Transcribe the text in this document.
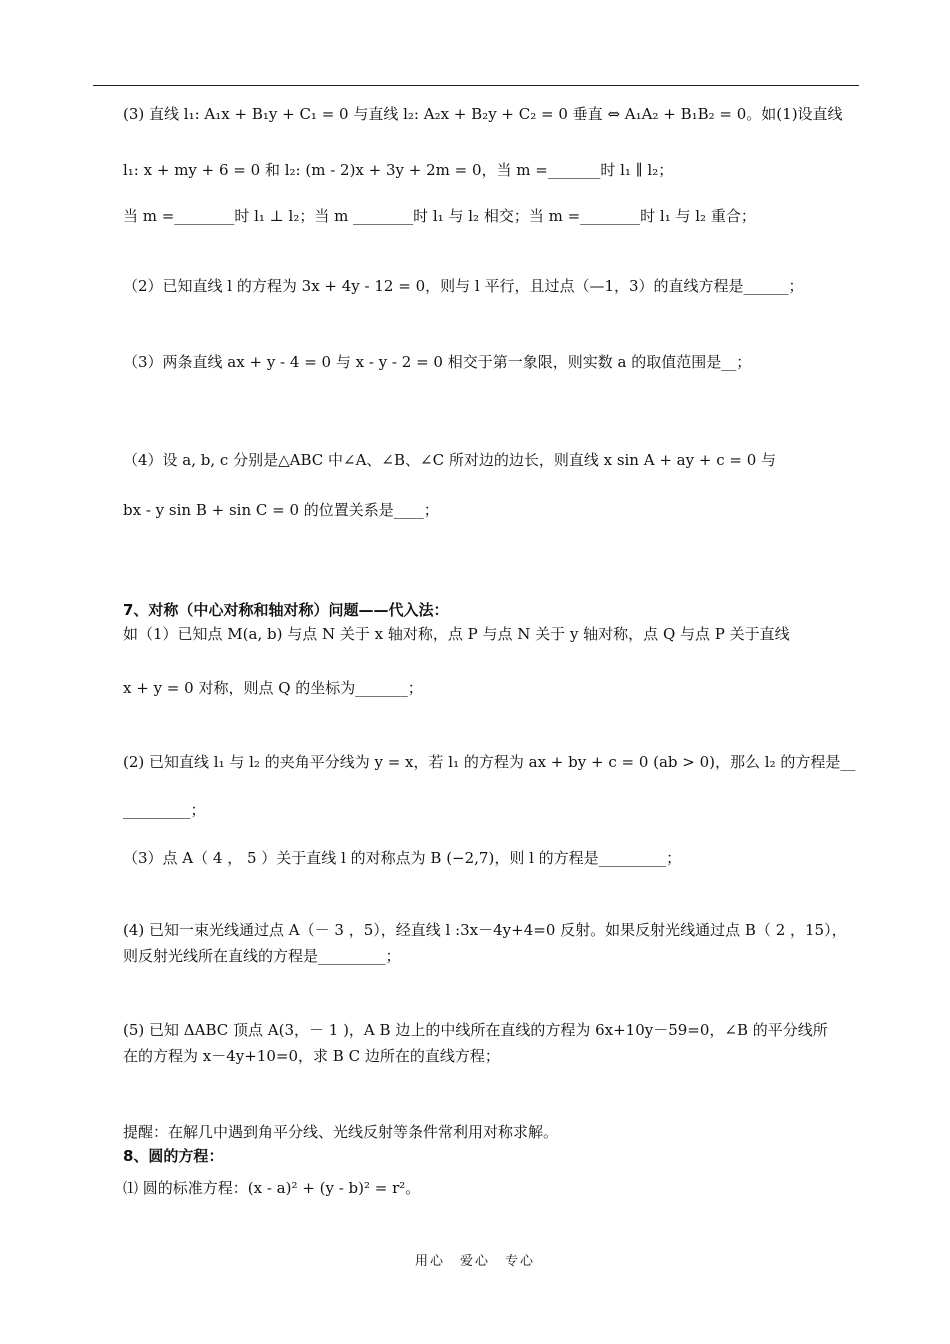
(3) 直线 l₁: A₁x + B₁y + C₁ = 0 与直线 l₂: A₂x + B₂y + C₂ = 0 垂直 ⇔ A₁A₂ + B₁B₂ = 0。如(1)设直线
l₁: x + my + 6 = 0 和 l₂: (m - 2)x + 3y + 2m = 0，当 m =_______时 l₁ ∥ l₂；
当 m =________时 l₁ ⊥ l₂；当 m ________时 l₁ 与 l₂ 相交；当 m =________时 l₁ 与 l₂ 重合；
（2）已知直线 l 的方程为 3x + 4y - 12 = 0，则与 l 平行，且过点（—1，3）的直线方程是______；
（3）两条直线 ax + y - 4 = 0 与 x - y - 2 = 0 相交于第一象限，则实数 a 的取值范围是__；
（4）设 a, b, c 分别是△ABC 中∠A、∠B、∠C 所对边的边长，则直线 x sin A + ay + c = 0 与
bx - y sin B + sin C = 0 的位置关系是____；
7、对称（中心对称和轴对称）问题——代入法：
如（1）已知点 M(a, b) 与点 N 关于 x 轴对称，点 P 与点 N 关于 y 轴对称，点 Q 与点 P 关于直线
x + y = 0 对称，则点 Q 的坐标为_______；
(2) 已知直线 l₁ 与 l₂ 的夹角平分线为 y = x，若 l₁ 的方程为 ax + by + c = 0 (ab > 0)，那么 l₂ 的方程是__
_________；
（3）点 A（ 4 ， 5 ）关于直线 l 的对称点为 B (−2,7)，则 l 的方程是_________；
(4) 已知一束光线通过点 A（－ 3 ，5），经直线 l :3x－4y+4=0 反射。如果反射光线通过点 B（ 2 ，15），
则反射光线所在直线的方程是_________；
(5) 已知 ΔABC 顶点 A(3，－ 1 )，A B 边上的中线所在直线的方程为 6x+10y－59=0，∠B 的平分线所
在的方程为 x－4y+10=0，求 B C 边所在的直线方程；
提醒：在解几中遇到角平分线、光线反射等条件常利用对称求解。
8、圆的方程：
⑴ 圆的标准方程：(x - a)² + (y - b)² = r²。
用心　爱心　专心
